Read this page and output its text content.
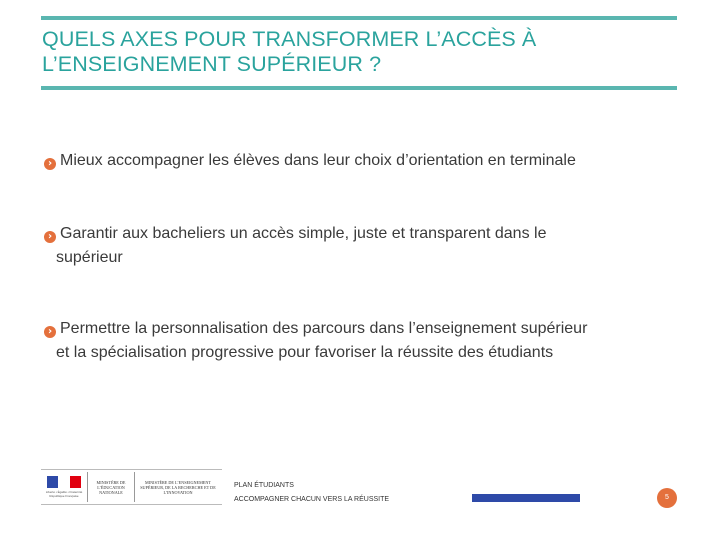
QUELS AXES POUR TRANSFORMER L’ACCÈS À
L’ENSEIGNEMENT SUPÉRIEUR ?
› Mieux accompagner les élèves dans leur choix d’orientation en terminale
› Garantir aux bacheliers un accès simple, juste et transparent dans le
supérieur
› Permettre la personnalisation des parcours dans l’enseignement supérieur
et la spécialisation progressive pour favoriser la réussite des étudiants
Liberté • Égalité • Fraternité République Française
MINISTÈRE DE L’ÉDUCATION NATIONALE
MINISTÈRE DE L’ENSEIGNEMENT SUPÉRIEUR, DE LA RECHERCHE ET DE L’INNOVATION
PLAN ÉTUDIANTS
ACCOMPAGNER CHACUN VERS LA RÉUSSITE	5
